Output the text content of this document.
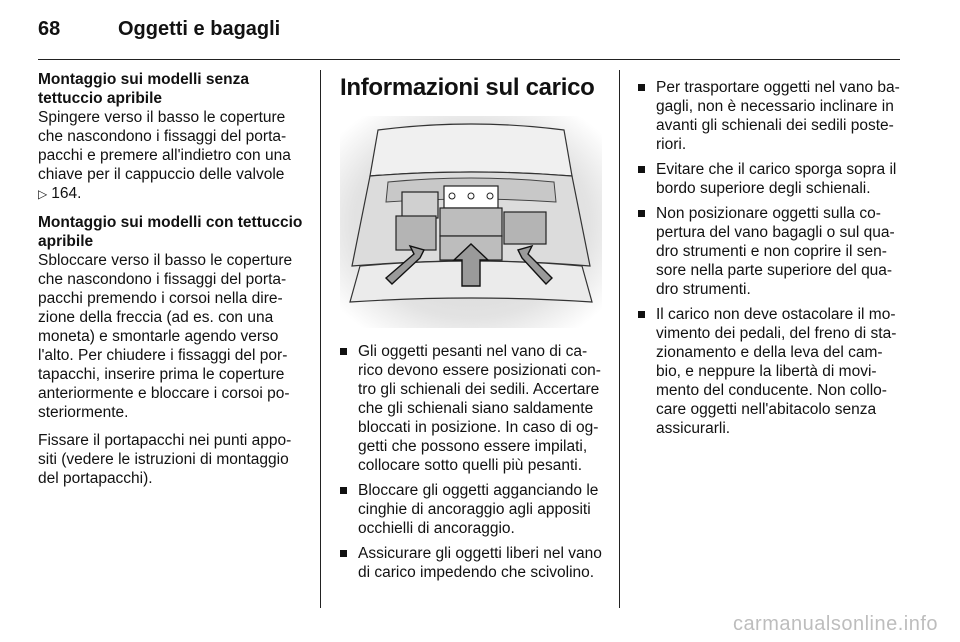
68	Oggetti e bagagli
Montaggio sui modelli senza tettuccio apribile

Spingere verso il basso le coperture che nascondono i fissaggi del porta-pacchi e premere all'indietro con una chiave per il cappuccio delle valvole
▷ 164.

Montaggio sui modelli con tettuccio apribile

Sbloccare verso il basso le coperture che nascondono i fissaggi del porta-pacchi premendo i corsoi nella dire-zione della freccia (ad es. con una moneta) e smontarle agendo verso l'alto. Per chiudere i fissaggi del por-tapacchi, inserire prima le coperture anteriormente e bloccare i corsoi po-steriormente.

Fissare il portapacchi nei punti appo-siti (vedere le istruzioni di montaggio del portapacchi).

Informazioni sul carico
Gli oggetti pesanti nel vano di ca-rico devono essere posizionati con-tro gli schienali dei sedili. Accertare che gli schienali siano saldamente bloccati in posizione. In caso di og-getti che possono essere impilati, collocare sotto quelli più pesanti.
Bloccare gli oggetti agganciando le cinghie di ancoraggio agli appositi occhielli di ancoraggio.
Assicurare gli oggetti liberi nel vano di carico impedendo che scivolino.
Per trasportare oggetti nel vano ba-gagli, non è necessario inclinare in avanti gli schienali dei sedili poste-riori.
Evitare che il carico sporga sopra il bordo superiore degli schienali.
Non posizionare oggetti sulla co-pertura del vano bagagli o sul qua-dro strumenti e non coprire il sen-sore nella parte superiore del qua-dro strumenti.
Il carico non deve ostacolare il mo-vimento dei pedali, del freno di sta-zionamento e della leva del cam-bio, e neppure la libertà di movi-mento del conducente. Non collo-care oggetti nell'abitacolo senza assicurarli.
carmanualsonline.info
